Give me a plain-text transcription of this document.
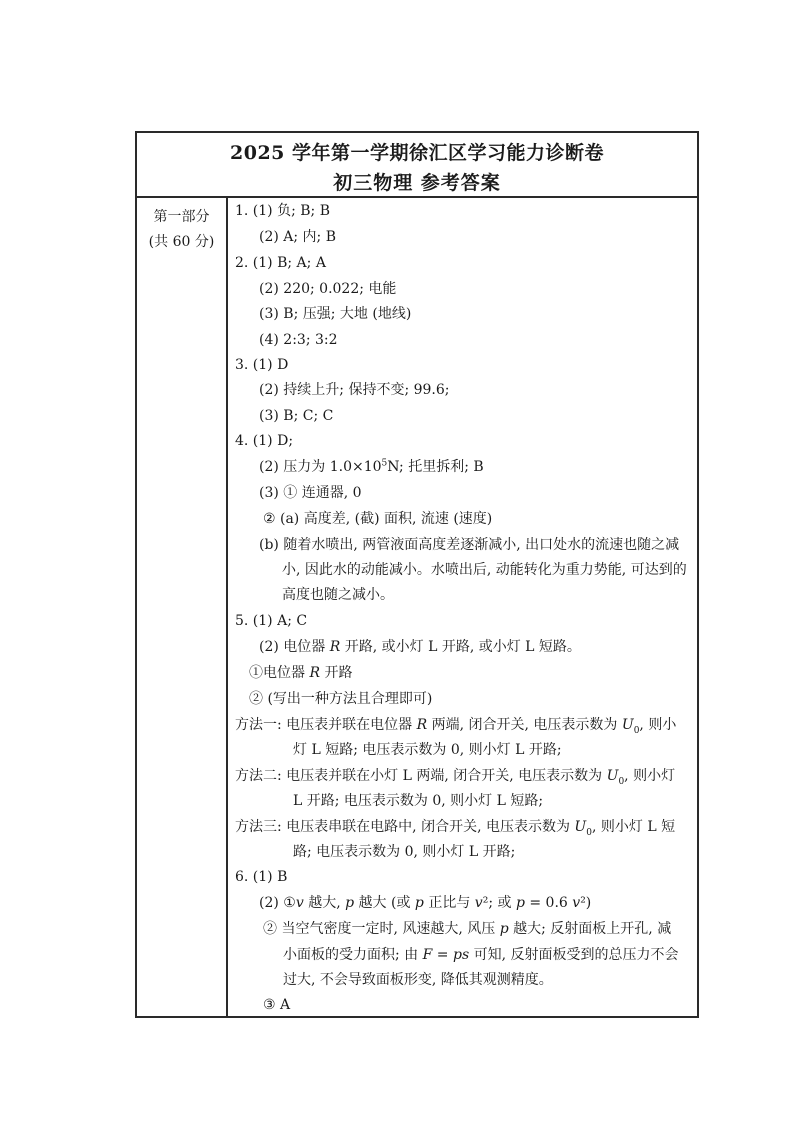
2025 学年第一学期徐汇区学习能力诊断卷
初三物理 参考答案
第一部分
(共 60 分)
1. (1) 负; B; B
(2) A; 内; B
2. (1) B; A; A
(2) 220; 0.022; 电能
(3) B; 压强; 大地 (地线)
(4) 2:3; 3:2
3. (1) D
(2) 持续上升; 保持不变; 99.6;
(3) B; C; C
4. (1) D;
(2) 压力为 $1.0\times 10^5N$; 托里拆利; B
(3) ① 连通器, 0
② (a) 高度差, (截) 面积, 流速 (速度)
(b) 随着水喷出, 两管液面高度差逐渐减小, 出口处水的流速也随之减
小, 因此水的动能减小。水喷出后, 动能转化为重力势能, 可达到的
高度也随之减小。
5. (1) A; C
(2) 电位器 R 开路, 或小灯 L 开路, 或小灯 L 短路。
①电位器 R 开路
② (写出一种方法且合理即可)
方法一: 电压表并联在电位器 R 两端, 闭合开关, 电压表示数为 $U_0$, 则小
灯 L 短路; 电压表示数为 0, 则小灯 L 开路;
方法二: 电压表并联在小灯 L 两端, 闭合开关, 电压表示数为 $U_0$, 则小灯
L 开路; 电压表示数为 0, 则小灯 L 短路;
方法三: 电压表串联在电路中, 闭合开关, 电压表示数为 $U_0$, 则小灯 L 短
路; 电压表示数为 0, 则小灯 L 开路;
6. (1) B
(2) ①v 越大, p 越大 (或 p 正比与 v²; 或 p = 0.6 v²)
② 当空气密度一定时, 风速越大, 风压 p 越大; 反射面板上开孔, 减
小面板的受力面积; 由 F = ps 可知, 反射面板受到的总压力不会
过大, 不会导致面板形变, 降低其观测精度。
③ A
